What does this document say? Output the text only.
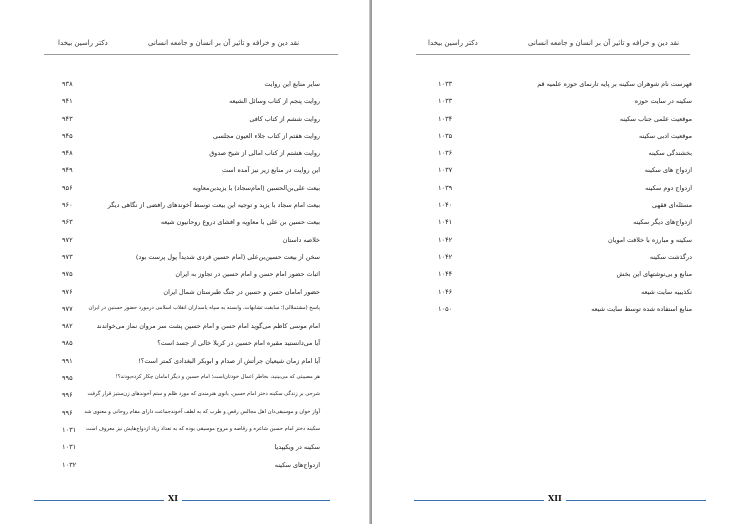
دکتر راسین بیخدا	نقد دین و خرافه و تاثیر آن بر انسان و جامعه انسانی
۹۳۸	سایر منابع این روایت
۹۴۱	روایت پنجم از کتاب وسائل الشیعه
۹۴۳	روایت ششم از کتاب کافی
۹۴۵	روایت هفتم از کتاب جلاء العیون مجلسی
۹۴۸	روایت هشتم از کتاب امالی از شیخ صدوق
۹۴۹	این روایت در منابع زیر نیز آمده است
۹۵۶	بیعت علی‌بن‌الحسین (امام‌سجاد) با یزیدبن‌معاویه
۹۶۰	بیعت امام سجاد با یزید و توجیه این بیعت توسط آخوندهای رافضی از نگاهی دیگر
۹۶۳	بیعت حسین بن‌ علی با معاویه و افشای دروغ روحانیون شیعه
۹۷۲	خلاصه داستان
۹۷۳	سخن از بیعت حسین‌بن‌علی (امام حسین فردی شدیداً پول پرست بود)
۹۷۵	اثبات حضور امام حسن و امام حسین در تجاوز به ایران
۹۷۶	حضور امامان حسن و حسین در جنگ طبرستان شمال ایران
۹۷۷	پاسخ (مشتملالی)؛ سابقت تشابهات، وابسته به سپاه یاسداران انقلاب اسلامی درمورد حضور حسنین در ایران
۹۸۲	امام موسی کاظم می‌گوید امام حسن و امام حسین پشت سر مروان نماز می‌خواندند
۹۸۵	آیا می‌دانستید مقبره امام حسین در کربلا خالی از جسد است؟
۹۹۱	آیا امام زمان شیعیان جرأتش از صدام و ابوبکر البغدادی کمتر است؟!
۹۹۵	هر مصیبتی که می‌بینید، بخاطر اعمال خودتان‌است؛ امام حسین و دیگر امامان چکار کرده‌بودند؟!
۹۹۶	شرحی بر زندگی سکینه دختر امام حسین، بانوی هنرمندی که مورد ظلم و ستم آخوندهای زن‌ستیز قرار گرفت
۹۹۶ آواز خوان و موسیقی‌دان اهل مجالس رقص و طرب که به لطف آخوندجماعت دارای مقام روحانی و معنوی شد
۱۰۳۱ سکینه دختر امام حسین شاعره و رقاصه و مروج موسیقی بوده که به تعداد زیاد ازدواج‌هایش نیز معروف است
۱۰۳۱	سکینه در ویکیپدیا
۱۰۳۲	ازدواج‌های سکینه
XI
دکتر راسین بیخدا	نقد دین و خرافه و تاثیر آن بر انسان و جامعه انسانی
۱۰۳۳	فهرست نام شوهران سکینه بر پایه تارنمای حوزه علمیه قم
۱۰۳۳	سکینه در سایت حوزه
۱۰۳۴	موقعیت علمی جناب سکینه
۱۰۳۵	موقعیت ادبی سکینه
۱۰۳۶	بخشندگی سکینه
۱۰۳۷	ازدواج های سکینه
۱۰۳۹	ازدواج دوم سکینه
۱۰۴۰	مسئله‌ای فقهی
۱۰۴۱	ازدواج‌های دیگر سکینه
۱۰۴۲	سکینه و مبارزه با خلافت امویان
۱۰۴۲	درگذشت سکینه
۱۰۴۴	منابع و بی‌نوشتهای این بخش
۱۰۴۶	تکذیبیه سایت شیعه
۱۰۵۰	منابع استفاده شده توسط سایت شیعه
XII
